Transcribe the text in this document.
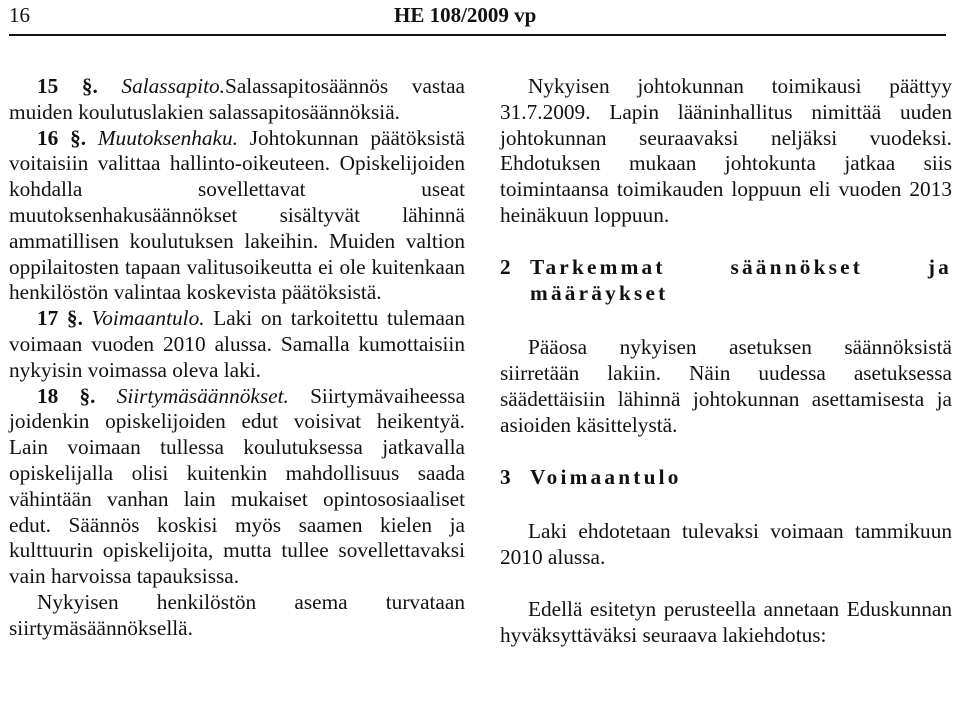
16	HE 108/2009 vp

15 §. Salassapito.Salassapitosäännös vastaa muiden koulutuslakien salassapitosäännöksiä.

16 §. Muutoksenhaku. Johtokunnan päätöksistä voitaisiin valittaa hallinto-oikeuteen. Opiskelijoiden kohdalla sovellettavat useat muutoksenhakusäännökset sisältyvät lähinnä ammatillisen koulutuksen lakeihin. Muiden valtion oppilaitosten tapaan valitusoikeutta ei ole kuitenkaan henkilöstön valintaa koskevista päätöksistä.

17 §. Voimaantulo. Laki on tarkoitettu tulemaan voimaan vuoden 2010 alussa. Samalla kumottaisiin nykyisin voimassa oleva laki.

18 §. Siirtymäsäännökset. Siirtymävaiheessa joidenkin opiskelijoiden edut voisivat heikentyä. Lain voimaan tullessa koulutuksessa jatkavalla opiskelijalla olisi kuitenkin mahdollisuus saada vähintään vanhan lain mukaiset opintososiaaliset edut. Säännös koskisi myös saamen kielen ja kulttuurin opiskelijoita, mutta tullee sovellettavaksi vain harvoissa tapauksissa.

Nykyisen henkilöstön asema turvataan siirtymäsäännöksellä.

Nykyisen johtokunnan toimikausi päättyy 31.7.2009. Lapin lääninhallitus nimittää uuden johtokunnan seuraavaksi neljäksi vuodeksi. Ehdotuksen mukaan johtokunta jatkaa siis toimintaansa toimikauden loppuun eli vuoden 2013 heinäkuun loppuun.

2 Tarkemmat säännökset ja määräykset

Pääosa nykyisen asetuksen säännöksistä siirretään lakiin. Näin uudessa asetuksessa säädettäisiin lähinnä johtokunnan asettamisesta ja asioiden käsittelystä.

3 Voimaantulo

Laki ehdotetaan tulevaksi voimaan tammikuun 2010 alussa.

Edellä esitetyn perusteella annetaan Eduskunnan hyväksyttäväksi seuraava lakiehdotus:
